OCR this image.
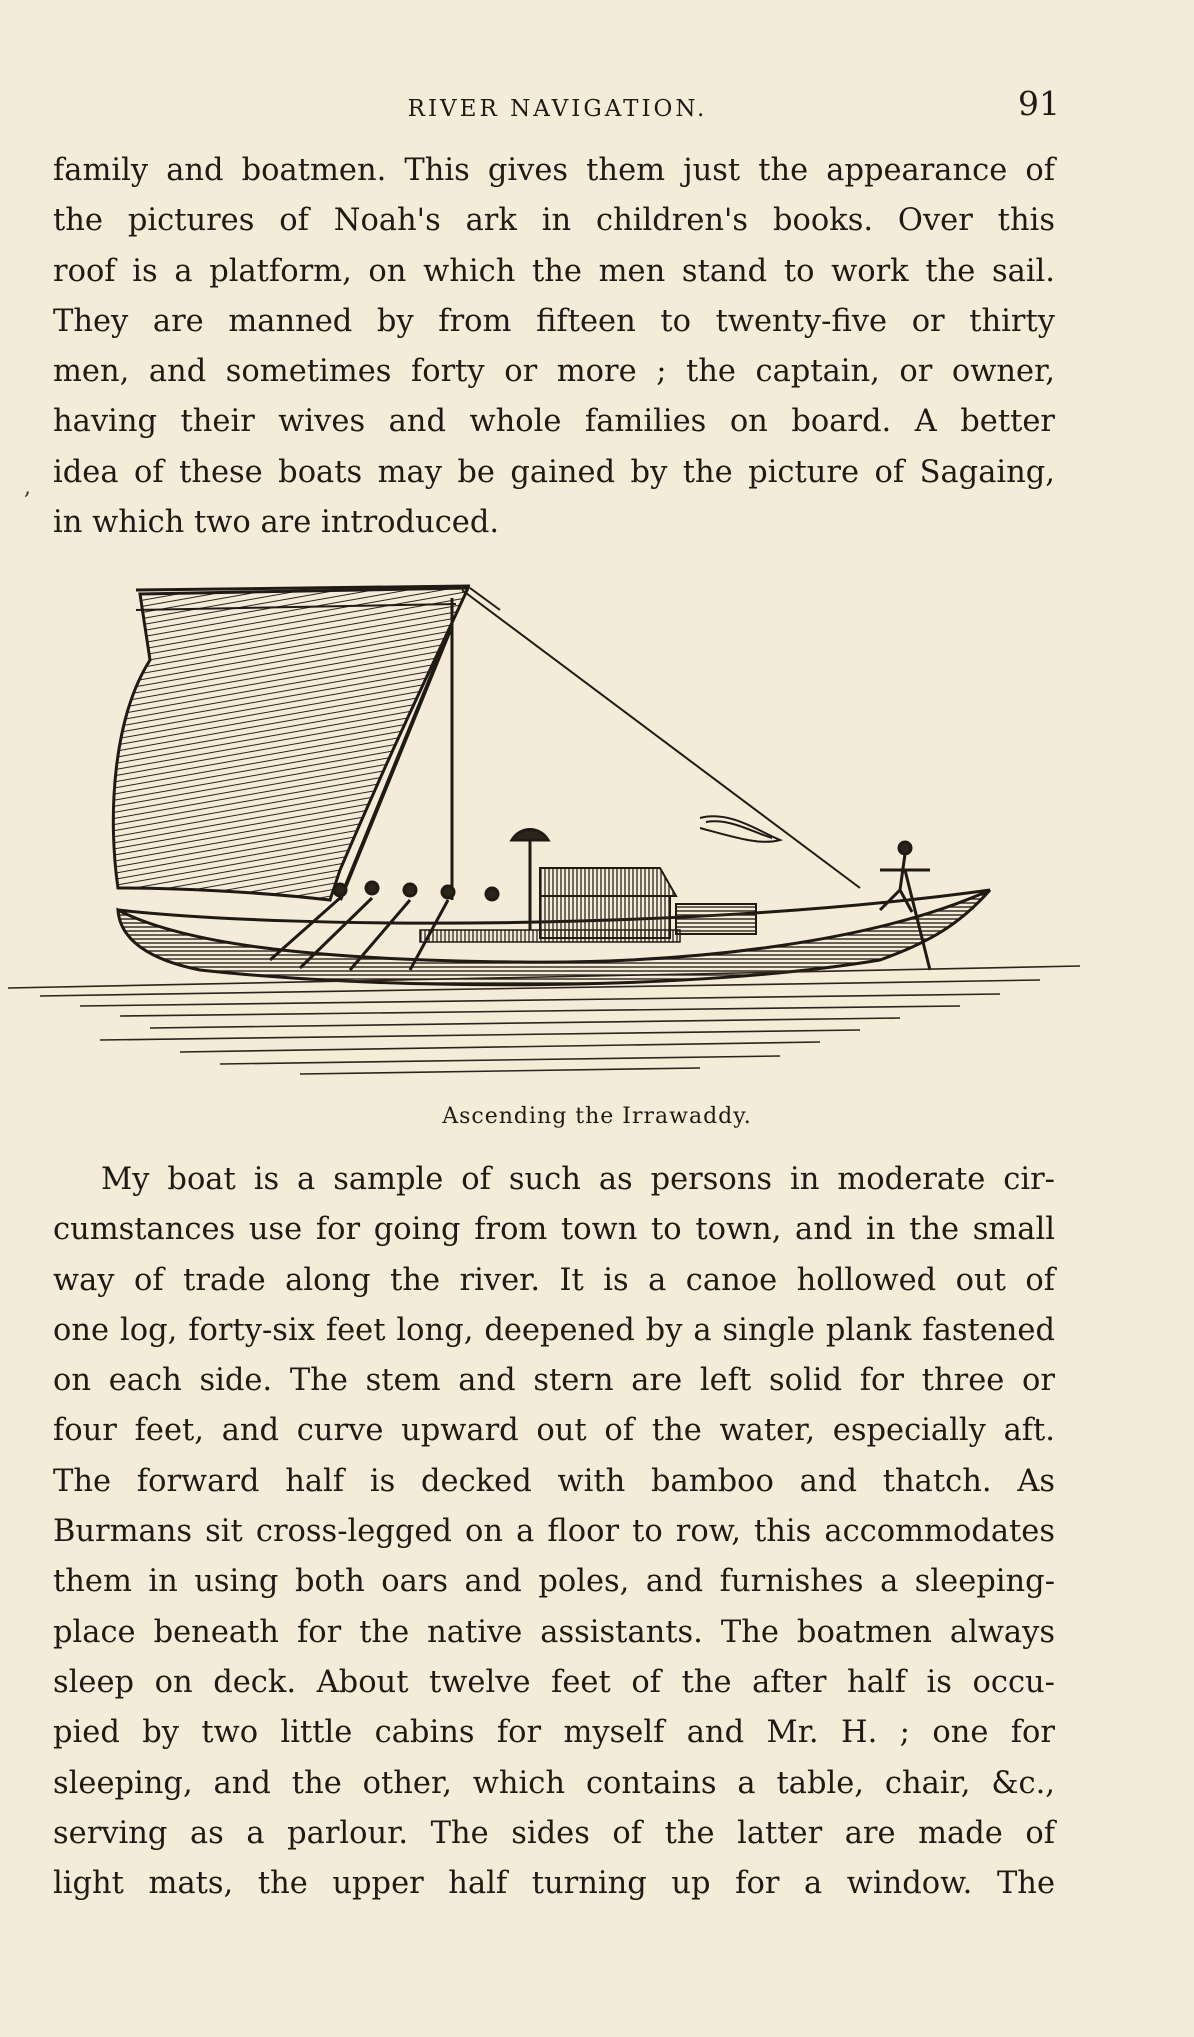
RIVER NAVIGATION.	91
family and boatmen. This gives them just the appearance of
the pictures of Noah's ark in children's books. Over this
roof is a platform, on which the men stand to work the sail.
They are manned by from fifteen to twenty-five or thirty
men, and sometimes forty or more ; the captain, or owner,
having their wives and whole families on board. A better
idea of these boats may be gained by the picture of Sagaing,
in which two are introduced.
,
Ascending the Irrawaddy.
My boat is a sample of such as persons in moderate cir-
cumstances use for going from town to town, and in the small
way of trade along the river. It is a canoe hollowed out of
one log, forty-six feet long, deepened by a single plank fastened
on each side. The stem and stern are left solid for three or
four feet, and curve upward out of the water, especially aft.
The forward half is decked with bamboo and thatch. As
Burmans sit cross-legged on a floor to row, this accommodates
them in using both oars and poles, and furnishes a sleeping-
place beneath for the native assistants. The boatmen always
sleep on deck. About twelve feet of the after half is occu-
pied by two little cabins for myself and Mr. H. ; one for
sleeping, and the other, which contains a table, chair, &c.,
serving as a parlour. The sides of the latter are made of
light mats, the upper half turning up for a window. The
